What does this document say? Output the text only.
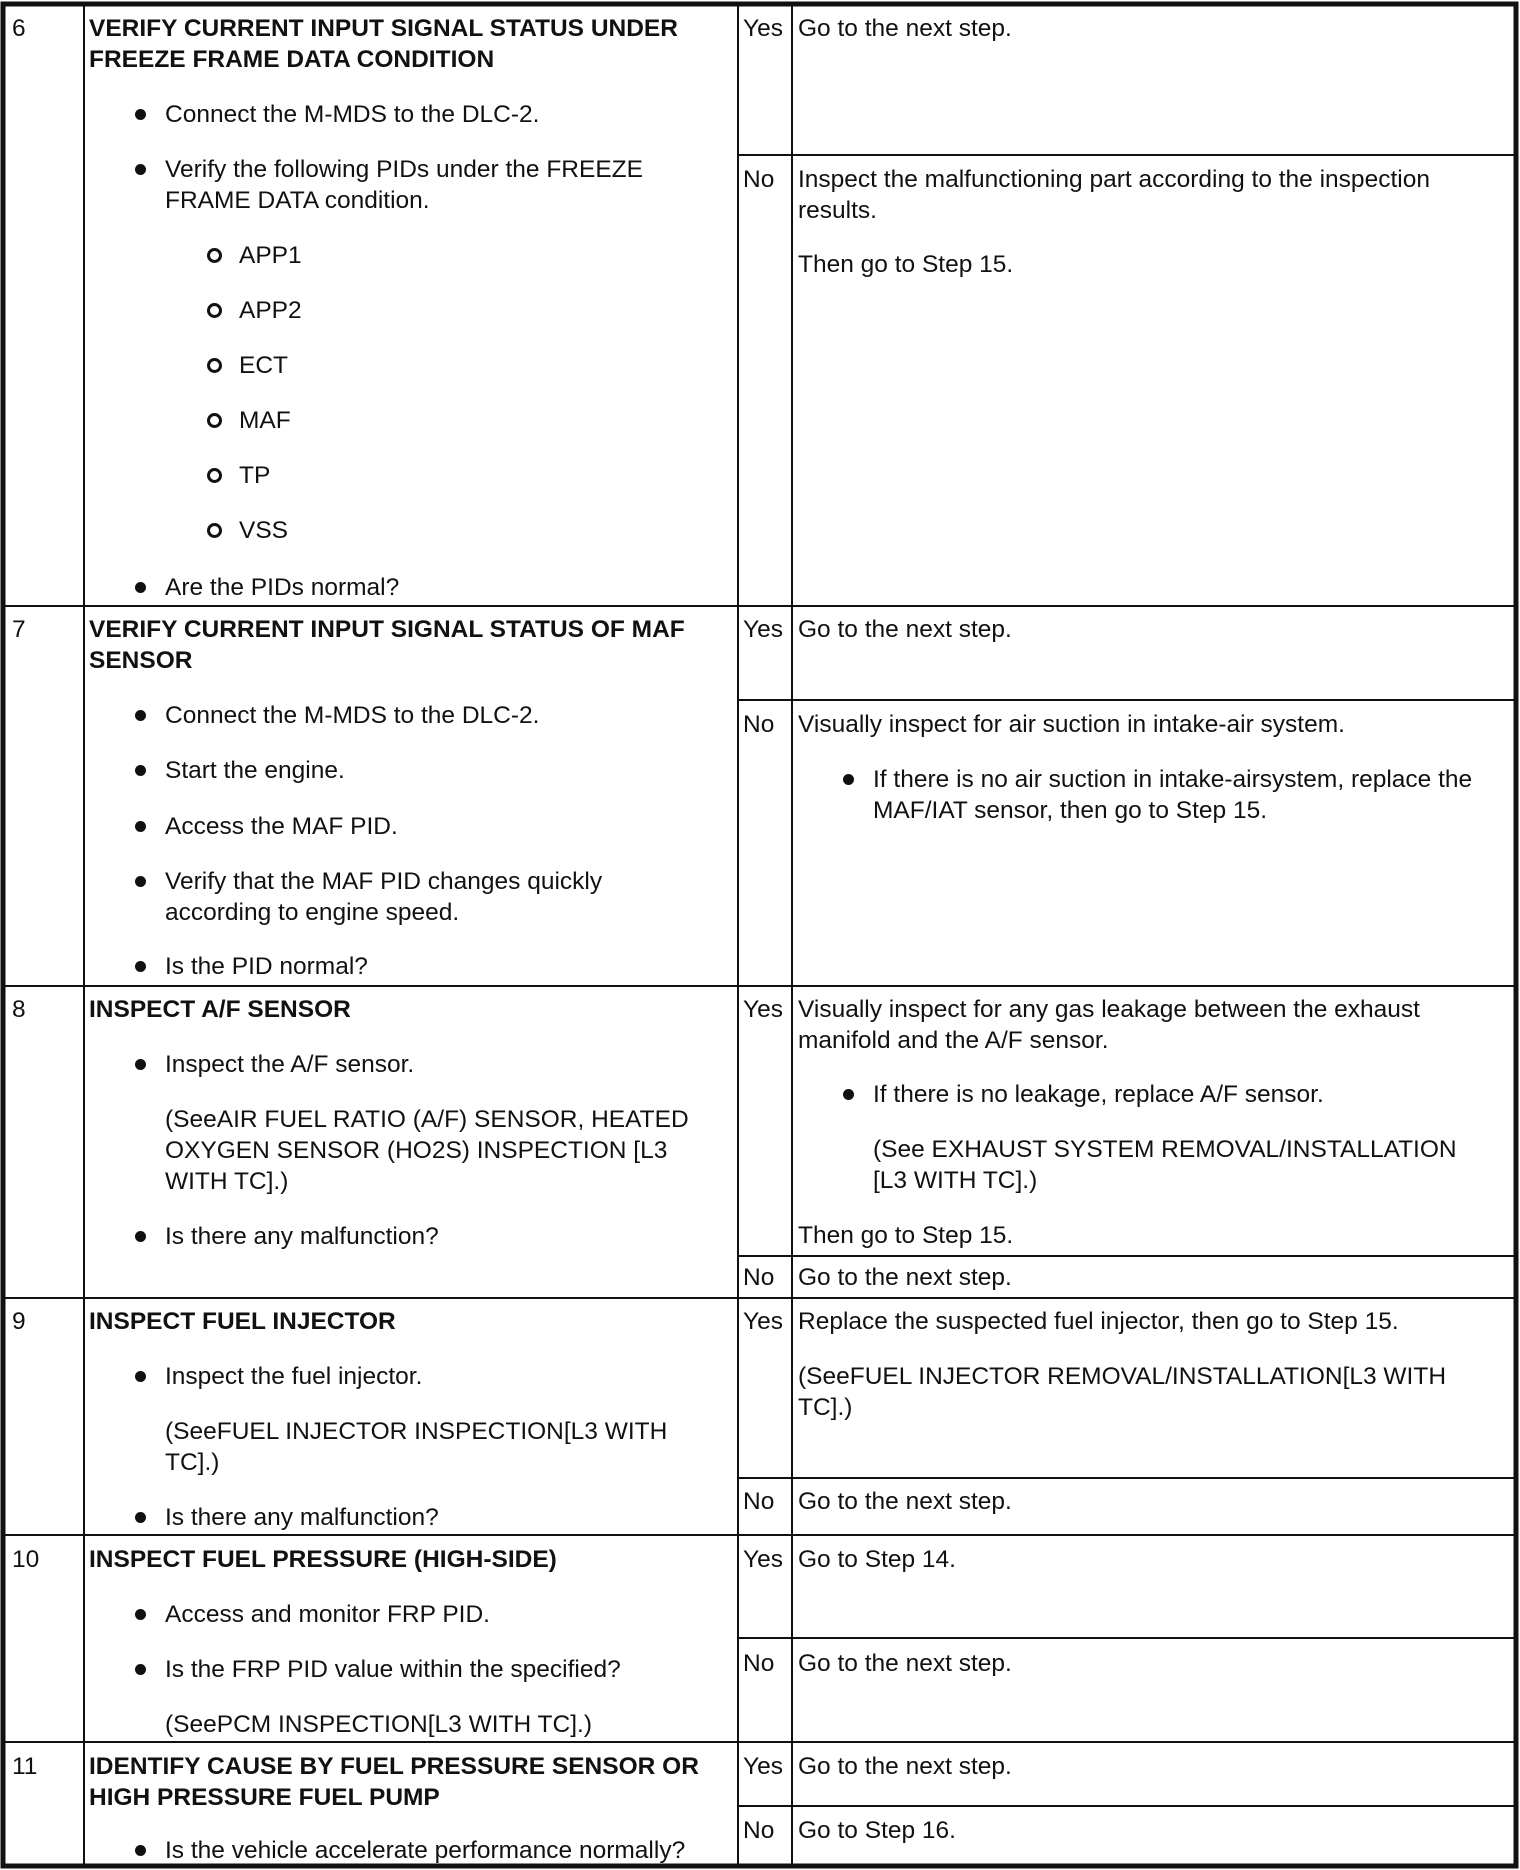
6	VERIFY CURRENT INPUT SIGNAL STATUS UNDER FREEZE FRAME DATA CONDITION
Connect the M-MDS to the DLC-2.
Verify the following PIDs under the FREEZE FRAME DATA condition.
APP1
APP2
ECT
MAF
TP
VSS
Are the PIDs normal?
Yes Go to the next step.
No Inspect the malfunctioning part according to the inspection results.
Then go to Step 15.
7	VERIFY CURRENT INPUT SIGNAL STATUS OF MAF SENSOR
Connect the M-MDS to the DLC-2.
Start the engine.
Access the MAF PID.
Verify that the MAF PID changes quickly according to engine speed.
Is the PID normal?
Yes Go to the next step.
No Visually inspect for air suction in intake-air system.
If there is no air suction in intake-airsystem, replace the MAF/IAT sensor, then go to Step 15.
8	INSPECT A/F SENSOR
Inspect the A/F sensor.
(SeeAIR FUEL RATIO (A/F) SENSOR, HEATED OXYGEN SENSOR (HO2S) INSPECTION [L3 WITH TC].)
Is there any malfunction?
Yes Visually inspect for any gas leakage between the exhaust manifold and the A/F sensor.
If there is no leakage, replace A/F sensor.
(See EXHAUST SYSTEM REMOVAL/INSTALLATION [L3 WITH TC].)
Then go to Step 15.
No Go to the next step.
9	INSPECT FUEL INJECTOR
Inspect the fuel injector.
(SeeFUEL INJECTOR INSPECTION[L3 WITH TC].)
Is there any malfunction?
Yes Replace the suspected fuel injector, then go to Step 15.
(SeeFUEL INJECTOR REMOVAL/INSTALLATION[L3 WITH TC].)
No Go to the next step.
10 INSPECT FUEL PRESSURE (HIGH-SIDE)
Access and monitor FRP PID.
Is the FRP PID value within the specified?
(SeePCM INSPECTION[L3 WITH TC].)
Yes Go to Step 14.
No Go to the next step.
11 IDENTIFY CAUSE BY FUEL PRESSURE SENSOR OR HIGH PRESSURE FUEL PUMP
Is the vehicle accelerate performance normally?
Yes Go to the next step.
No Go to Step 16.
